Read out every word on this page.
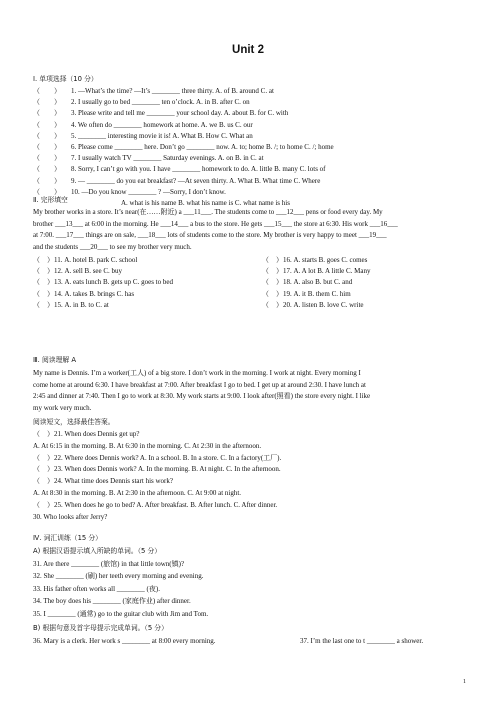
Unit 2
Ⅰ. 单项选择（10 分）
（　　） 1. —What’s the time? —It’s ________ three thirty. A. of B. around C. at
（　　） 2. I usually go to bed ________ ten o’clock. A. in B. after C. on
（　　） 3. Please write and tell me ________ your school day. A. about B. for C. with
（　　） 4. We often do ________ homework at home. A. we B. us C. our
（　　） 5. ________ interesting movie it is! A. What B. How C. What an
（　　） 6. Please come ________ here. Don’t go ________ now. A. to; home B. /; to home C. /; home
（　　） 7. I usually watch TV ________ Saturday evenings. A. on B. in C. at
（　　） 8. Sorry, I can’t go with you. I have ________ homework to do. A. little B. many C. lots of
（　　） 9. — ________ do you eat breakfast? —At seven thirty. A. What B. What time C. Where
（　　） 10. —Do you know ________ ? —Sorry, I don’t know.
A. what is his name B. what his name is C. what name is his
Ⅱ. 完形填空
My brother works in a store. It’s near(在……附近) a ___11___. The students come to ___12___ pens or food every day. My
brother ___13___ at 6:00 in the morning. He ___14___ a bus to the store. He gets ___15___ the store at 6:30. His work ___16___
at 7:00. ___17___ things are on sale, ___18___ lots of students come to the store. My brother is very happy to meet ___19___
and the students ___20___ to see my brother very much.
（　）11. A. hotel B. park C. school
（　）12. A. sell B. see C. buy
（　）13. A. eats lunch B. gets up C. goes to bed
（　）14. A. takes B. brings C. has
（　）15. A. in B. to C. at
（　）16. A. starts B. goes C. comes
（　）17. A. A lot B. A little C. Many
（　）18. A. also B. but C. and
（　）19. A. it B. them C. him
（　）20. A. listen B. love C. write
Ⅲ. 阅读理解 A
My name is Dennis. I’m a worker(工人) of a big store. I don’t work in the morning. I work at night. Every morning I
come home at around 6:30. I have breakfast at 7:00. After breakfast I go to bed. I get up at around 2:30. I have lunch at
2:45 and dinner at 7:40. Then I go to work at 8:30. My work starts at 9:00. I look after(照看) the store every night. I like
my work very much.
阅读短文，选择最佳答案。
（　）21. When does Dennis get up?
A. At 6:15 in the morning. B. At 6:30 in the morning. C. At 2:30 in the afternoon.
（　）22. Where does Dennis work? A. In a school. B. In a store. C. In a factory(工厂).
（　）23. When does Dennis work? A. In the morning. B. At night. C. In the afternoon.
（　）24. What time does Dennis start his work?
A. At 8:30 in the morning. B. At 2:30 in the afternoon. C. At 9:00 at night.
（　）25. When does he go to bed? A. After breakfast. B. After lunch. C. After dinner.
30. Who looks after Jerry?
Ⅳ. 词汇训练（15 分）
A) 根据汉语提示填入所缺的单词。（5 分）
31. Are there ________ (旅馆) in that little town(镇)?
32. She ________ (刷) her teeth every morning and evening.
33. His father often works all ________ (夜).
34. The boy does his ________ (家庭作业) after dinner.
35. I ________ (通常) go to the guitar club with Jim and Tom.
B) 根据句意及首字母提示完成单词。（5 分）
36. Mary is a clerk. Her work s ________ at 8:00 every morning.	37. I’m the last one to t ________ a shower.
1
